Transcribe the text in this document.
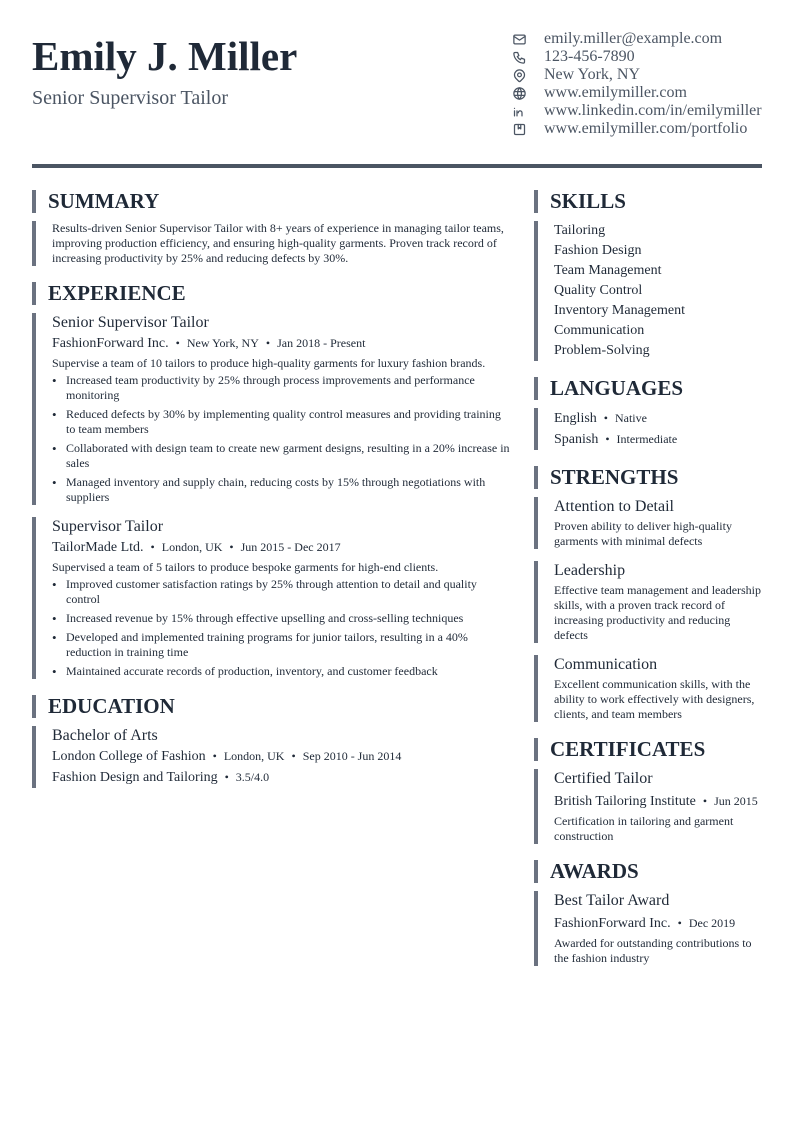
Emily J. Miller
Senior Supervisor Tailor
emily.miller@example.com
123-456-7890
New York, NY
www.emilymiller.com
www.linkedin.com/in/emilymiller
www.emilymiller.com/portfolio
SUMMARY
Results-driven Senior Supervisor Tailor with 8+ years of experience in managing tailor teams, improving production efficiency, and ensuring high-quality garments. Proven track record of increasing productivity by 25% and reducing defects by 30%.
EXPERIENCE
Senior Supervisor Tailor
FashionForward Inc. • New York, NY • Jan 2018 - Present
Supervise a team of 10 tailors to produce high-quality garments for luxury fashion brands.
• Increased team productivity by 25% through process improvements and performance monitoring
• Reduced defects by 30% by implementing quality control measures and providing training to team members
• Collaborated with design team to create new garment designs, resulting in a 20% increase in sales
• Managed inventory and supply chain, reducing costs by 15% through negotiations with suppliers
Supervisor Tailor
TailorMade Ltd. • London, UK • Jun 2015 - Dec 2017
Supervised a team of 5 tailors to produce bespoke garments for high-end clients.
• Improved customer satisfaction ratings by 25% through attention to detail and quality control
• Increased revenue by 15% through effective upselling and cross-selling techniques
• Developed and implemented training programs for junior tailors, resulting in a 40% reduction in training time
• Maintained accurate records of production, inventory, and customer feedback
EDUCATION
Bachelor of Arts
London College of Fashion • London, UK • Sep 2010 - Jun 2014
Fashion Design and Tailoring • 3.5/4.0
SKILLS
Tailoring
Fashion Design
Team Management
Quality Control
Inventory Management
Communication
Problem-Solving
LANGUAGES
English • Native
Spanish • Intermediate
STRENGTHS
Attention to Detail
Proven ability to deliver high-quality garments with minimal defects
Leadership
Effective team management and leadership skills, with a proven track record of increasing productivity and reducing defects
Communication
Excellent communication skills, with the ability to work effectively with designers, clients, and team members
CERTIFICATES
Certified Tailor
British Tailoring Institute • Jun 2015
Certification in tailoring and garment construction
AWARDS
Best Tailor Award
FashionForward Inc. • Dec 2019
Awarded for outstanding contributions to the fashion industry
